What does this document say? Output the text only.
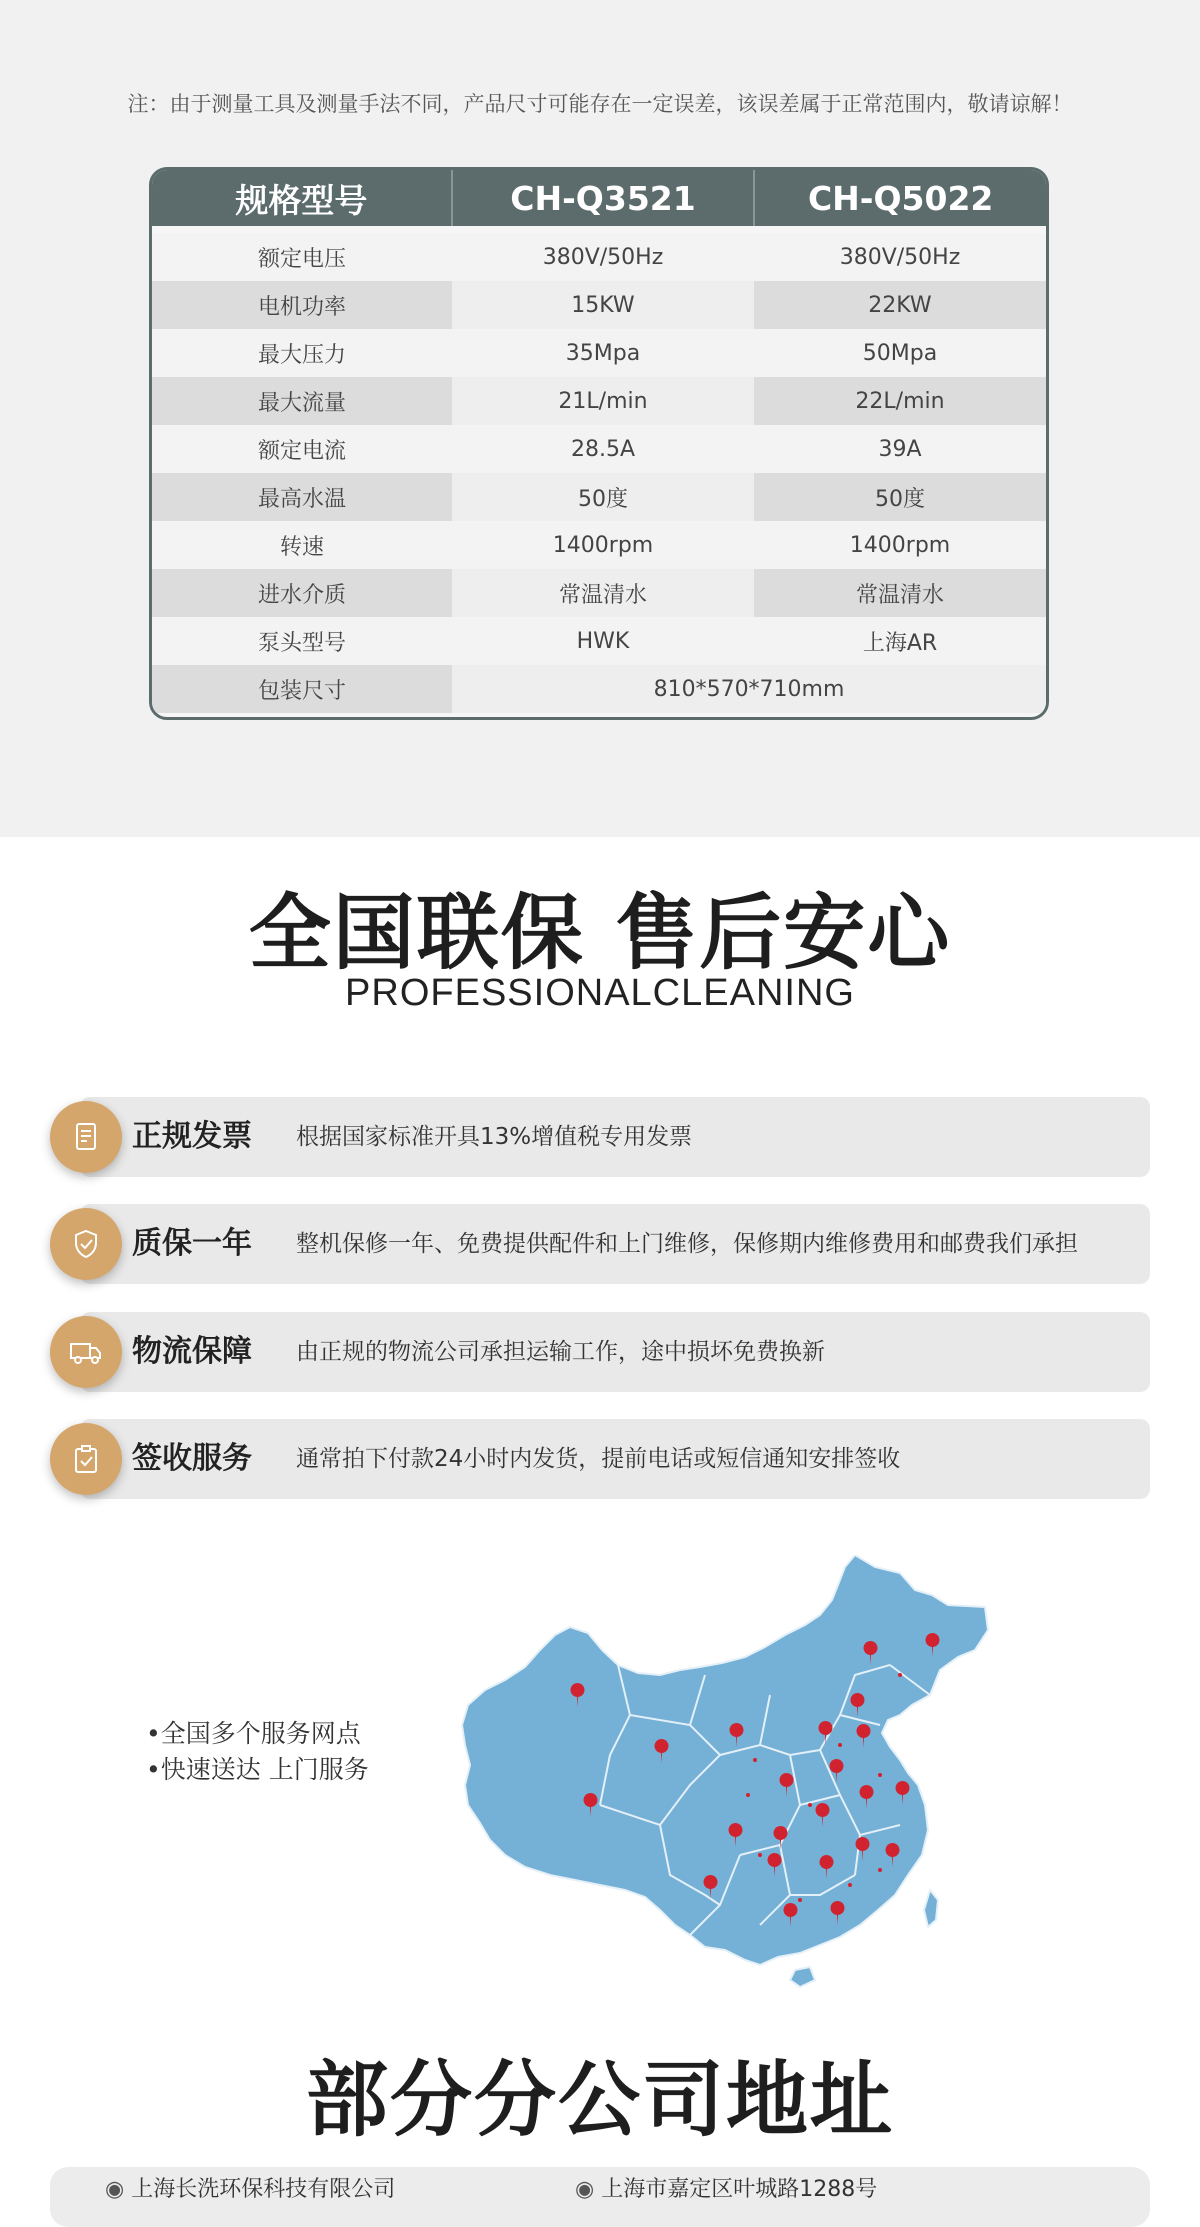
注：由于测量工具及测量手法不同，产品尺寸可能存在一定误差，该误差属于正常范围内，敬请谅解！
规格型号	CH-Q3521	CH-Q5022
额定电压	380V/50Hz	380V/50Hz
电机功率	15KW	22KW
最大压力	35Mpa	50Mpa
最大流量	21L/min	22L/min
额定电流	28.5A	39A
最高水温	50度	50度
转速	1400rpm	1400rpm
进水介质	常温清水	常温清水
泵头型号	HWK	上海AR
包装尺寸	810*570*710mm
全国联保 售后安心
PROFESSIONALCLEANING
正规发票 根据国家标准开具13%增值税专用发票
质保一年 整机保修一年、免费提供配件和上门维修，保修期内维修费用和邮费我们承担
物流保障 由正规的物流公司承担运输工作，途中损坏免费换新
签收服务 通常拍下付款24小时内发货，提前电话或短信通知安排签收
•全国多个服务网点
•快速送达 上门服务
部分分公司地址
◉ 上海长洗环保科技有限公司	◉ 上海市嘉定区叶城路1288号
